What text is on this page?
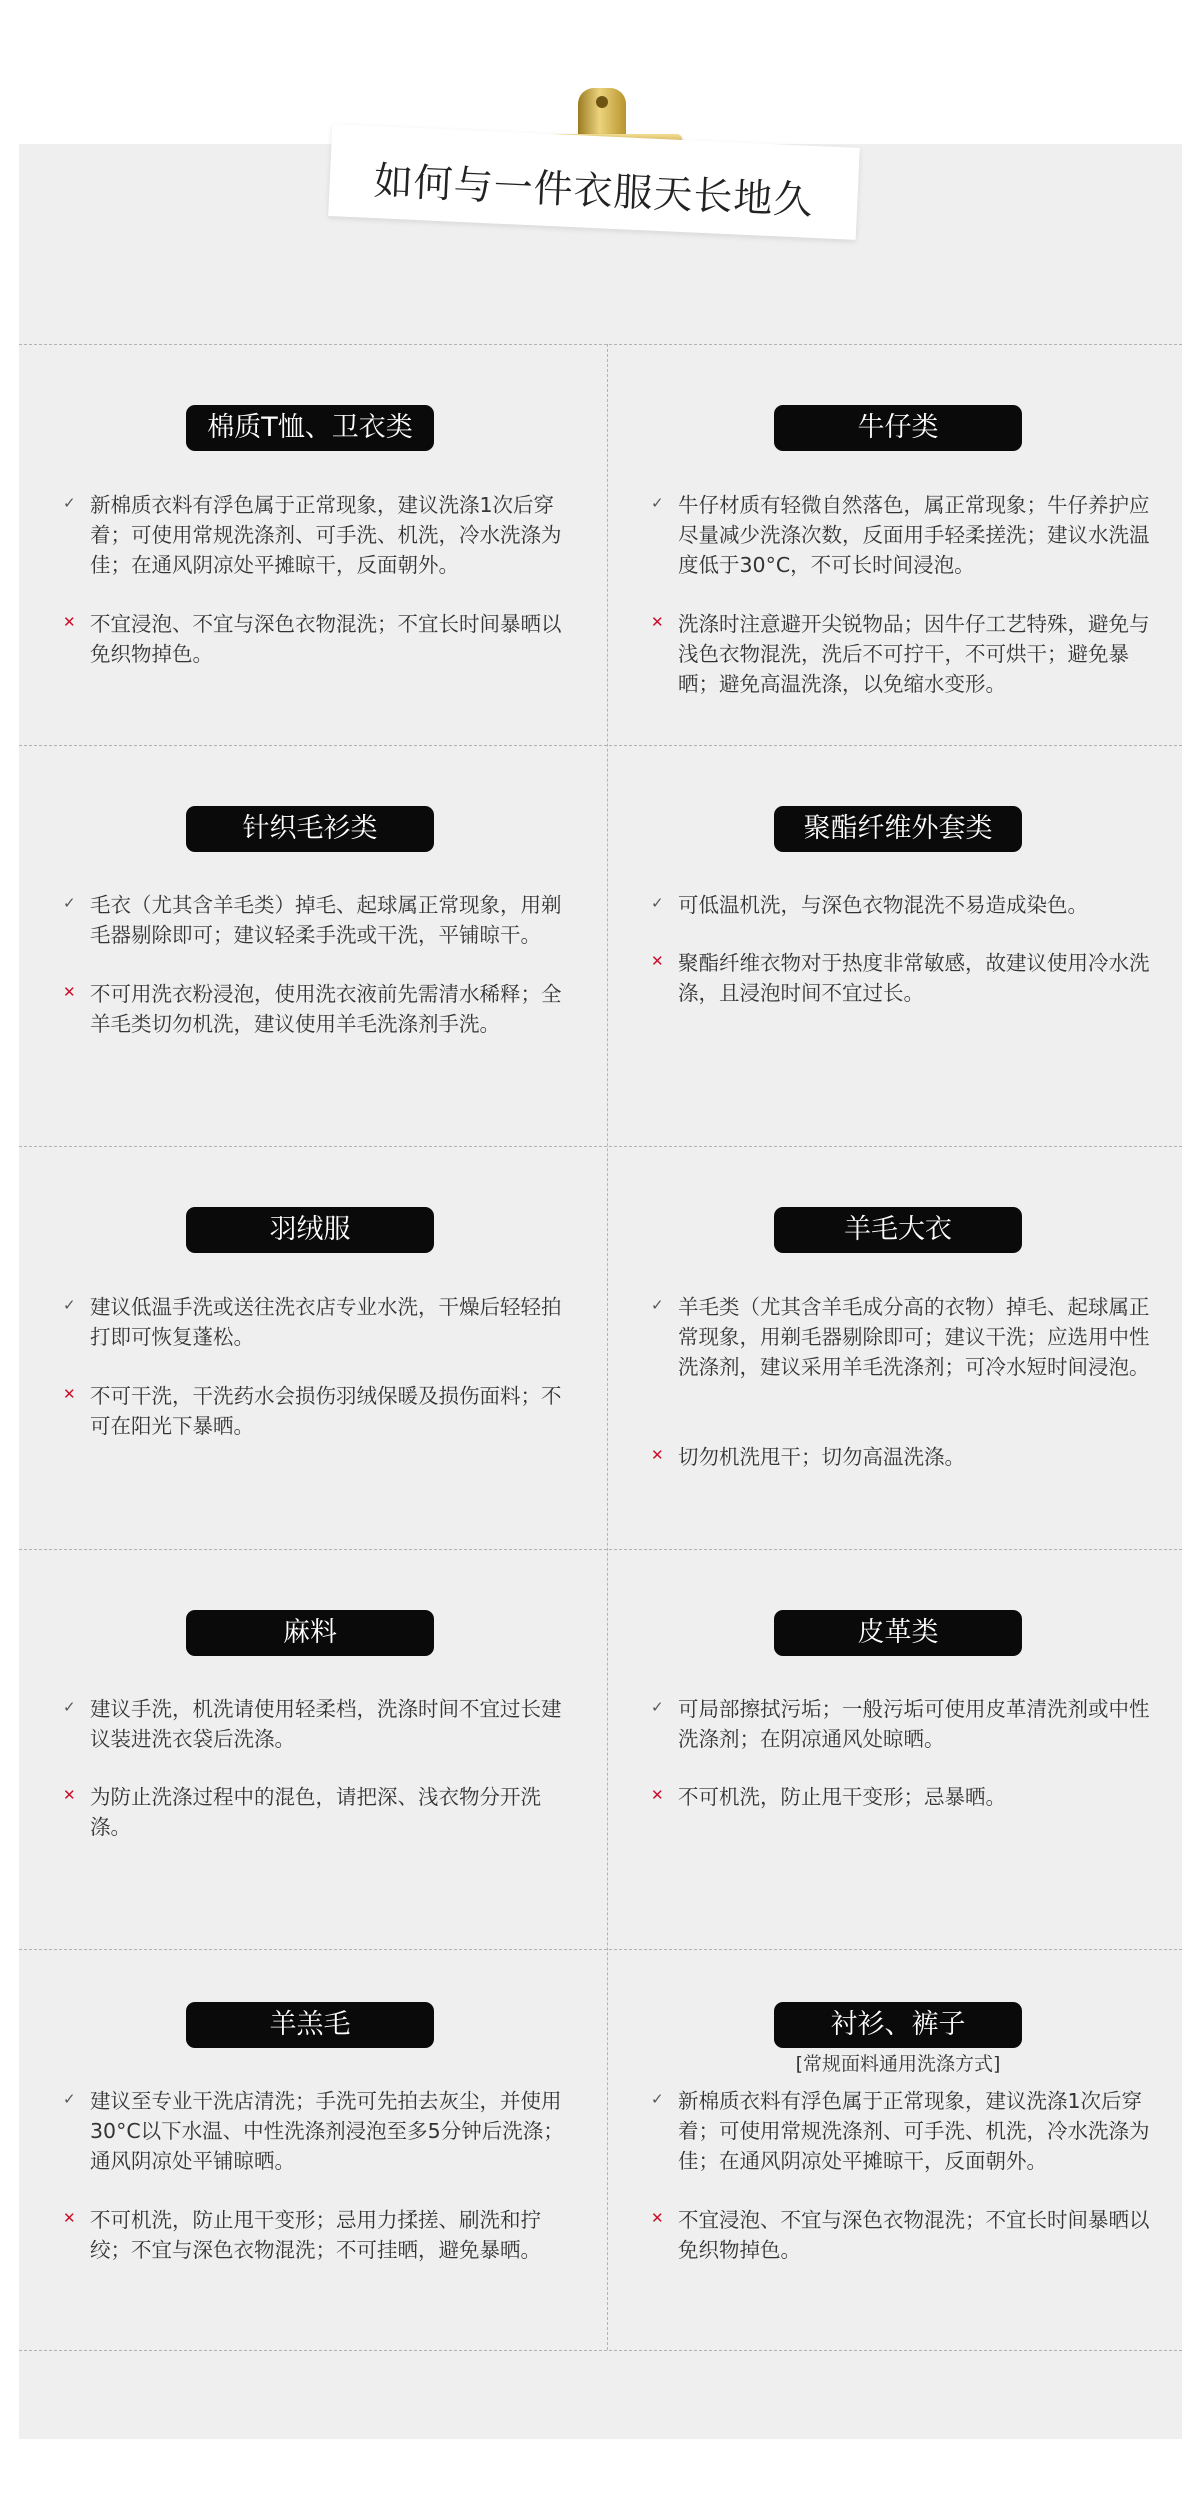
如何与一件衣服天长地久
棉质T恤、卫衣类
✓ 新棉质衣料有浮色属于正常现象，建议洗涤1次后穿着；可使用常规洗涤剂、可手洗、机洗，冷水洗涤为佳；在通风阴凉处平摊晾干，反面朝外。
✕ 不宜浸泡、不宜与深色衣物混洗；不宜长时间暴晒以免织物掉色。
牛仔类
✓ 牛仔材质有轻微自然落色，属正常现象；牛仔养护应尽量减少洗涤次数，反面用手轻柔搓洗；建议水洗温度低于30°C，不可长时间浸泡。
✕ 洗涤时注意避开尖锐物品；因牛仔工艺特殊，避免与浅色衣物混洗，洗后不可拧干，不可烘干；避免暴晒；避免高温洗涤，以免缩水变形。
针织毛衫类
✓ 毛衣（尤其含羊毛类）掉毛、起球属正常现象，用剃毛器剔除即可；建议轻柔手洗或干洗，平铺晾干。
✕ 不可用洗衣粉浸泡，使用洗衣液前先需清水稀释；全羊毛类切勿机洗，建议使用羊毛洗涤剂手洗。
聚酯纤维外套类
✓ 可低温机洗，与深色衣物混洗不易造成染色。
✕ 聚酯纤维衣物对于热度非常敏感，故建议使用冷水洗涤，且浸泡时间不宜过长。
羽绒服
✓ 建议低温手洗或送往洗衣店专业水洗，干燥后轻轻拍打即可恢复蓬松。
✕ 不可干洗，干洗药水会损伤羽绒保暖及损伤面料；不可在阳光下暴晒。
羊毛大衣
✓ 羊毛类（尤其含羊毛成分高的衣物）掉毛、起球属正常现象，用剃毛器剔除即可；建议干洗；应选用中性洗涤剂，建议采用羊毛洗涤剂；可冷水短时间浸泡。
✕ 切勿机洗甩干；切勿高温洗涤。
麻料
✓ 建议手洗，机洗请使用轻柔档，洗涤时间不宜过长建议装进洗衣袋后洗涤。
✕ 为防止洗涤过程中的混色，请把深、浅衣物分开洗涤。
皮革类
✓ 可局部擦拭污垢；一般污垢可使用皮革清洗剂或中性洗涤剂；在阴凉通风处晾晒。
✕ 不可机洗，防止甩干变形；忌暴晒。
羊羔毛
✓ 建议至专业干洗店清洗；手洗可先拍去灰尘，并使用30°C以下水温、中性洗涤剂浸泡至多5分钟后洗涤；通风阴凉处平铺晾晒。
✕ 不可机洗，防止甩干变形；忌用力揉搓、刷洗和拧绞；不宜与深色衣物混洗；不可挂晒，避免暴晒。
衬衫、裤子
[常规面料通用洗涤方式]
✓ 新棉质衣料有浮色属于正常现象，建议洗涤1次后穿着；可使用常规洗涤剂、可手洗、机洗，冷水洗涤为佳；在通风阴凉处平摊晾干，反面朝外。
✕ 不宜浸泡、不宜与深色衣物混洗；不宜长时间暴晒以免织物掉色。
